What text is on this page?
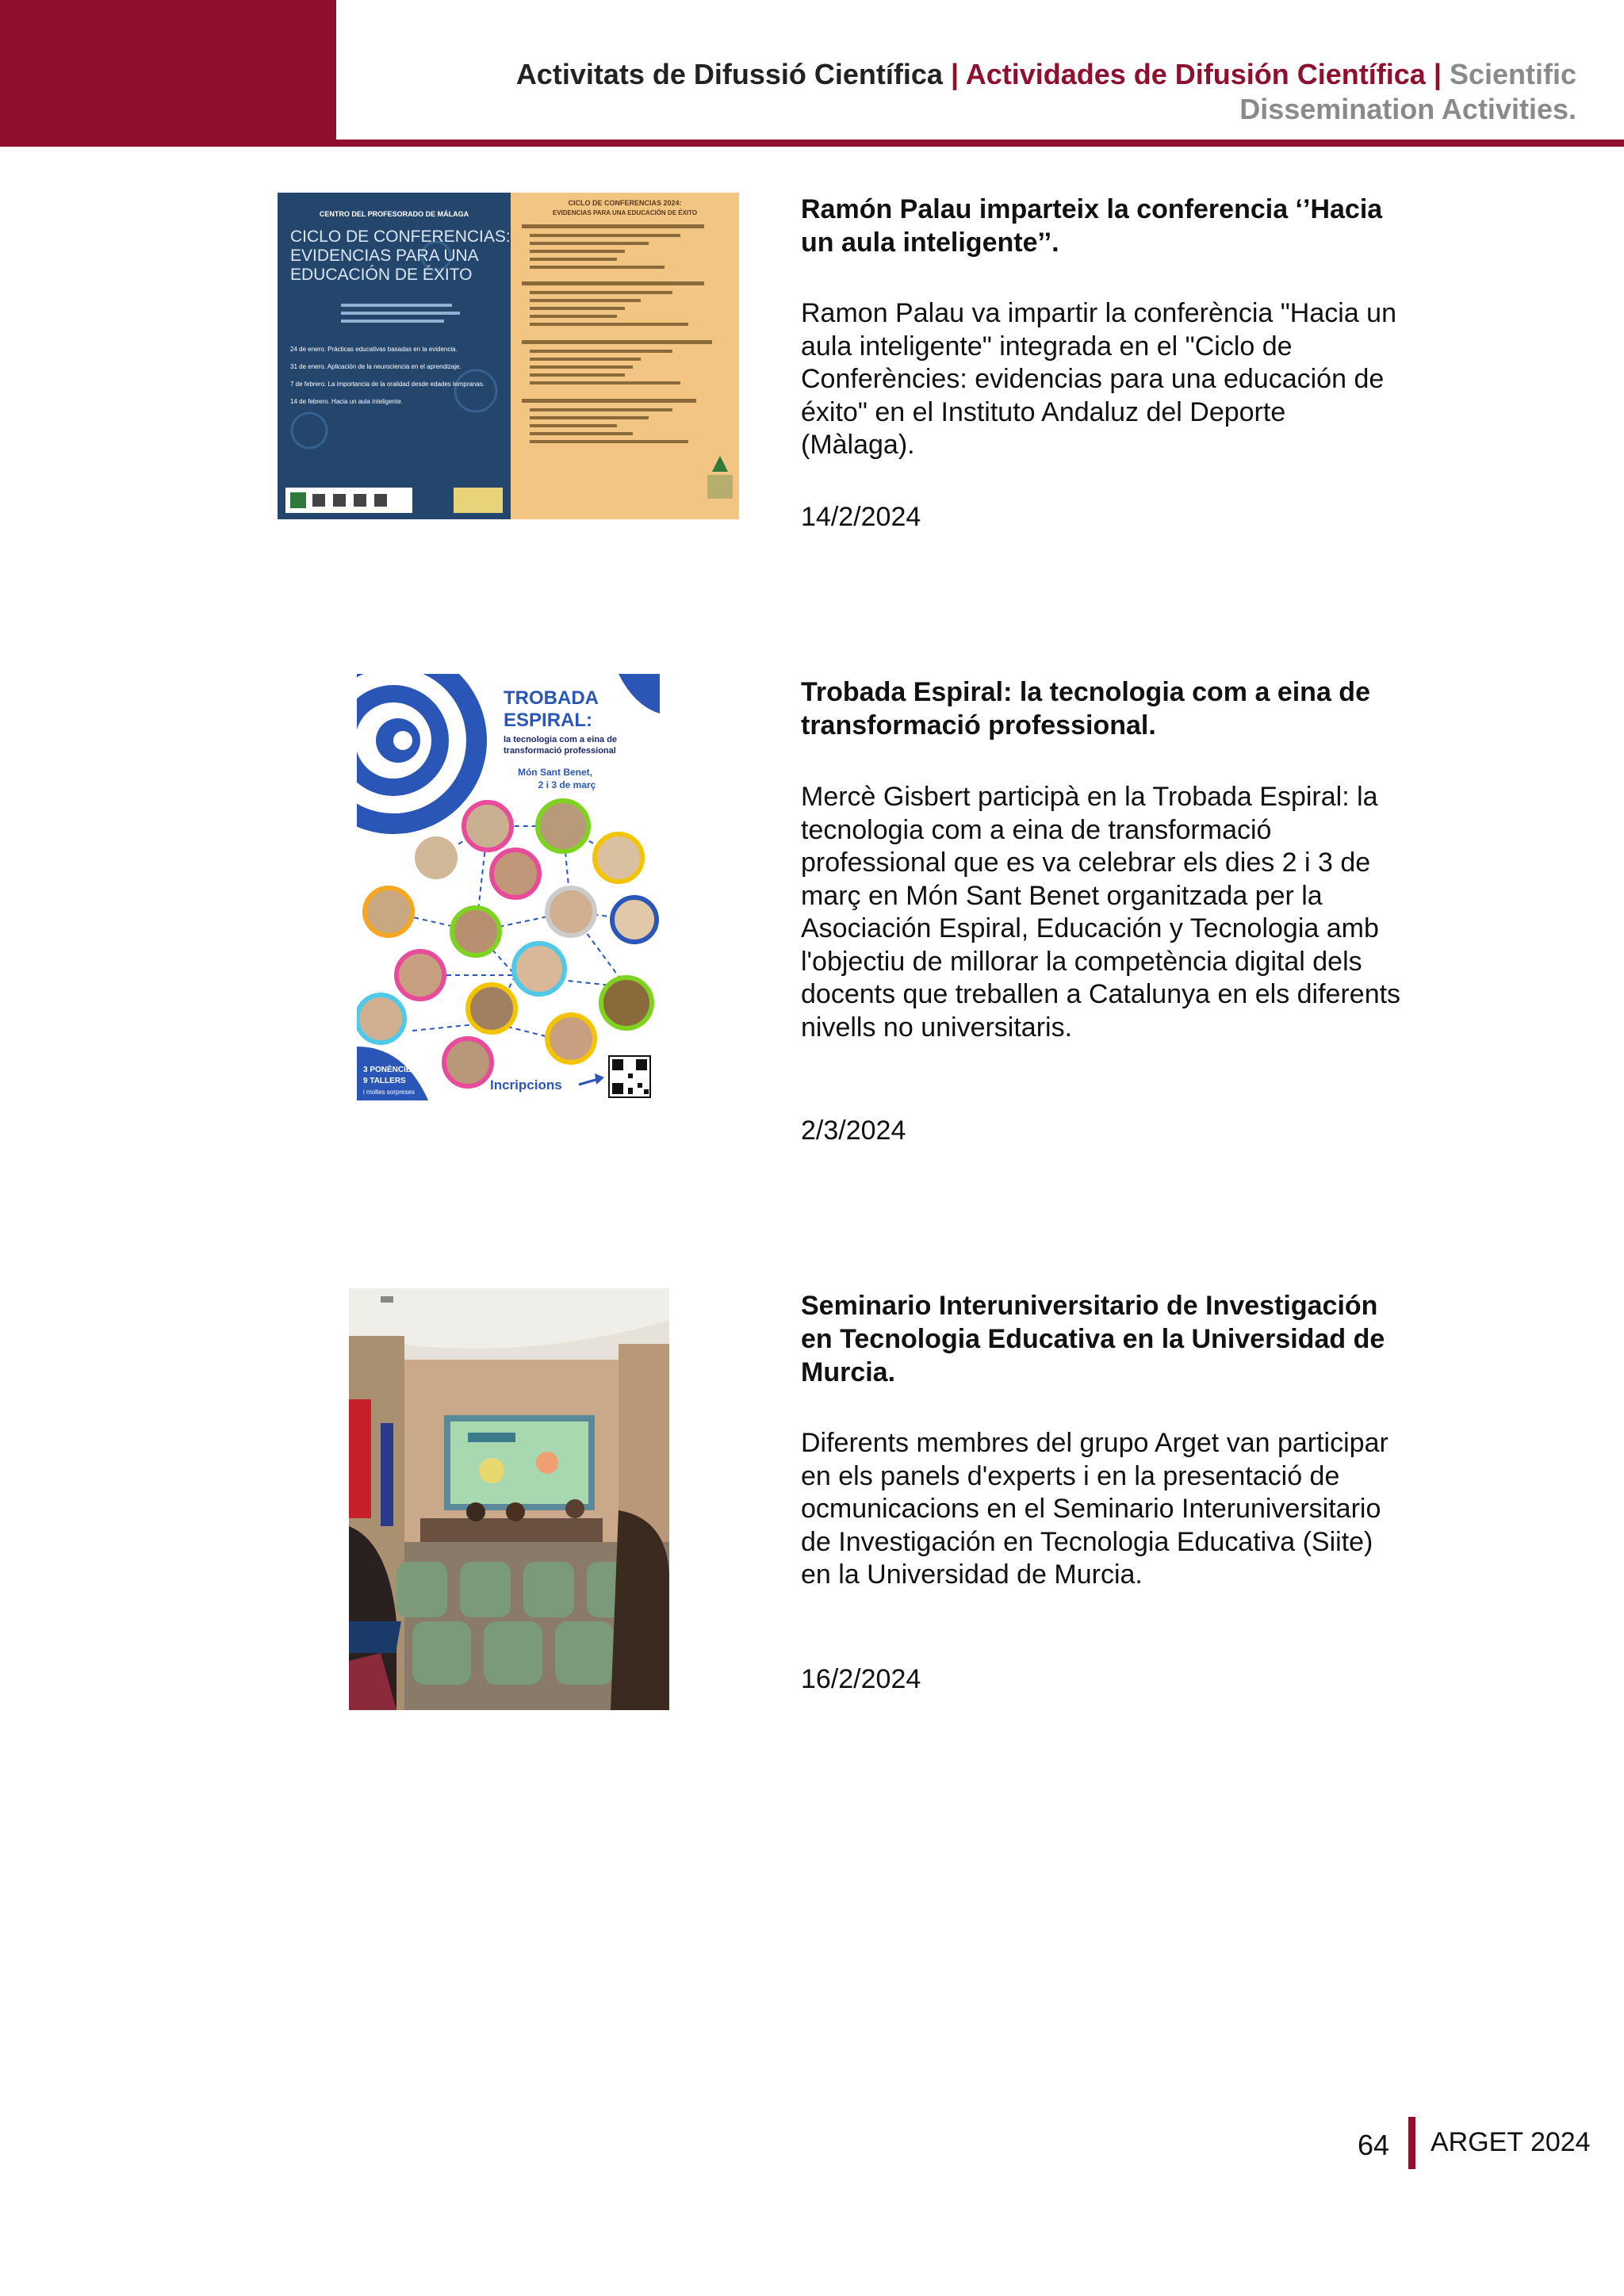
Activitats de Difussió Científica | Actividades de Difusión Científica | Scientific Dissemination Activities.
CENTRO DEL PROFESORADO DE MÁLAGA
CICLO DE CONFERENCIAS:
EVIDENCIAS PARA UNA
EDUCACIÓN DE ÉXITO
24 de enero. Prácticas educativas basadas en la evidencia.
31 de enero. Aplicación de la neurociencia en el aprendizaje.
7 de febrero. La importancia de la oralidad desde edades tempranas.
14 de febrero. Hacia un aula inteligente.
CICLO DE CONFERENCIAS 2024:
EVIDENCIAS PARA UNA EDUCACIÓN DE ÉXITO	Ramón Palau imparteix la conferencia ‘’Hacia un aula inteligente’’.

Ramon Palau va impartir la conferència "Hacia un aula inteligente" integrada en el "Ciclo de Conferències: evidencias para una educación de éxito" en el Instituto Andaluz del Deporte (Màlaga).

14/2/2024
TROBADA
ESPIRAL:
la tecnologia com a eina de
transformació professional
Món Sant Benet,
2 i 3 de març
3 PONÈNCIES
9 TALLERS
i moltes sorpreses	Incripcions

Trobada Espiral: la tecnologia com a eina de transformació professional.

Mercè Gisbert participà en la Trobada Espiral: la tecnologia com a eina de transformació professional que es va celebrar els dies 2 i 3 de març en Món Sant Benet organitzada per la Asociación Espiral, Educación y Tecnologia amb l'objectiu de millorar la competència digital dels docents que treballen a Catalunya en els diferents nivells no universitaris.

2/3/2024

Seminario Interuniversitario de Investigación en Tecnologia Educativa en la Universidad de Murcia.

Diferents membres del grupo Arget van participar en els panels d'experts i en la presentació de ocmunicacions en el Seminario Interuniversitario de Investigación en Tecnologia Educativa (Siite) en la Universidad de Murcia.

16/2/2024
64 ARGET 2024
